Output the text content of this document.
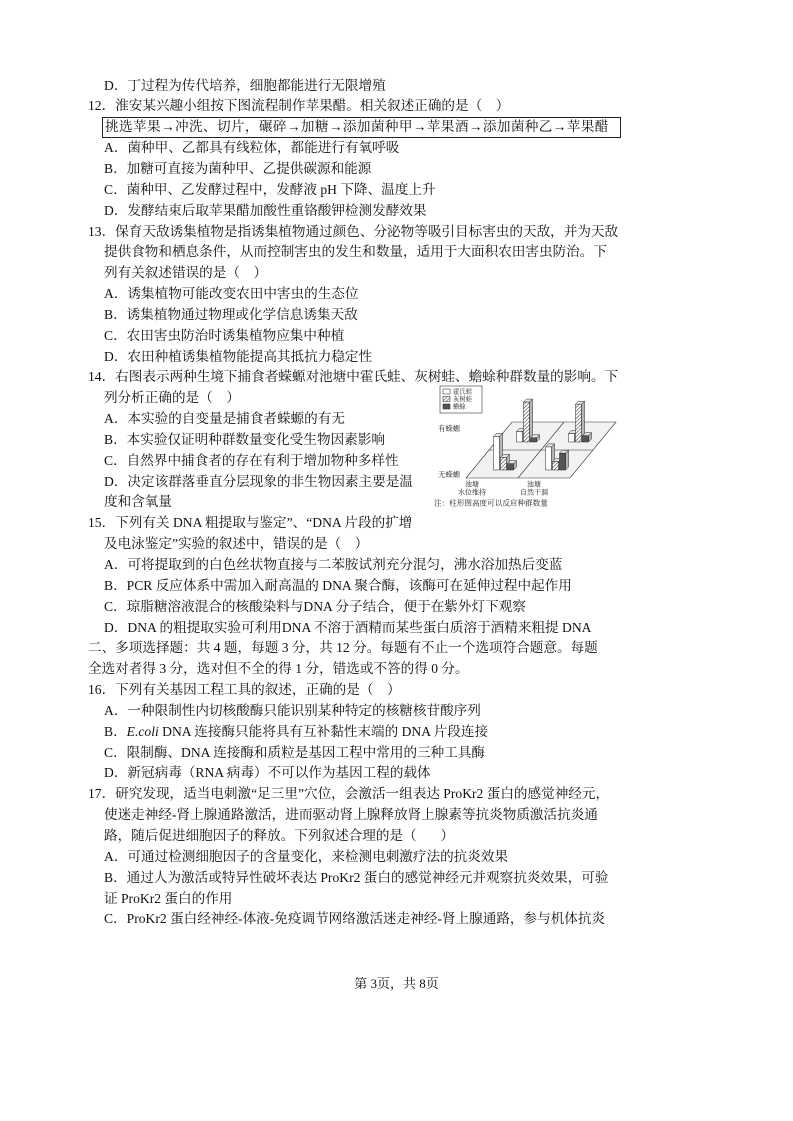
D．丁过程为传代培养，细胞都能进行无限增殖
12．淮安某兴趣小组按下图流程制作苹果醋。相关叙述正确的是（    ）
挑选苹果→冲洗、切片，碾碎→加糖→添加菌种甲→苹果酒→添加菌种乙→苹果醋
A．菌种甲、乙都具有线粒体，都能进行有氧呼吸
B．加糖可直接为菌种甲、乙提供碳源和能源
C．菌种甲、乙发酵过程中，发酵液 pH 下降、温度上升
D．发酵结束后取苹果醋加酸性重铬酸钾检测发酵效果
13．保育天敌诱集植物是指诱集植物通过颜色、分泌物等吸引目标害虫的天敌，并为天敌
提供食物和栖息条件，从而控制害虫的发生和数量，适用于大面积农田害虫防治。下
列有关叙述错误的是（    ）
A．诱集植物可能改变农田中害虫的生态位
B．诱集植物通过物理或化学信息诱集天敌
C．农田害虫防治时诱集植物应集中种植
D．农田种植诱集植物能提高其抵抗力稳定性
14．右图表示两种生境下捕食者蝾螈对池塘中霍氏蛙、灰树蛙、蟾蜍种群数量的影响。下
列分析正确的是（    ）
A．本实验的自变量是捕食者蝾螈的有无
B．本实验仅证明种群数量变化受生物因素影响
C．自然界中捕食者的存在有利于增加物种多样性
D．决定该群落垂直分层现象的非生物因素主要是温
度和含氧量
15．下列有关 DNA 粗提取与鉴定”、“DNA 片段的扩增
及电泳鉴定”实验的叙述中，错误的是（    ）
A．可将提取到的白色丝状物直接与二苯胺试剂充分混匀，沸水浴加热后变蓝
B．PCR 反应体系中需加入耐高温的 DNA 聚合酶，该酶可在延伸过程中起作用
C．琼脂糖溶液混合的核酸染料与DNA 分子结合，便于在紫外灯下观察
D．DNA 的粗提取实验可利用DNA 不溶于酒精而某些蛋白质溶于酒精来粗提 DNA
二、多项选择题：共 4 题，每题 3 分，共 12 分。每题有不止一个选项符合题意。每题
全选对者得 3 分，选对但不全的得 1 分，错选或不答的得 0 分。
16．下列有关基因工程工具的叙述，正确的是（    ）
A．一种限制性内切核酸酶只能识别某种特定的核糖核苷酸序列
B．E.coli DNA 连接酶只能将具有互补黏性末端的 DNA 片段连接
C．限制酶、DNA 连接酶和质粒是基因工程中常用的三种工具酶
D．新冠病毒（RNA 病毒）不可以作为基因工程的载体
17．研究发现，适当电刺激“足三里”穴位，会激活一组表达 ProKr2 蛋白的感觉神经元，
使迷走神经-肾上腺通路激活，进而驱动肾上腺释放肾上腺素等抗炎物质激活抗炎通
路，随后促进细胞因子的释放。下列叙述合理的是（       ）
A．可通过检测细胞因子的含量变化，来检测电刺激疗法的抗炎效果
B．通过人为激活或特异性破坏表达 ProKr2 蛋白的感觉神经元并观察抗炎效果，可验
证 ProKr2 蛋白的作用
C．ProKr2 蛋白经神经-体液-免疫调节网络激活迷走神经-肾上腺通路，参与机体抗炎
霍氏蛙
灰树蛙
蟾蜍
有蝾螈
无蝾螈
池塘
水位维持
池塘
自然干涸
注：柱形图高度可以反应种群数量
第 3页，共 8页
